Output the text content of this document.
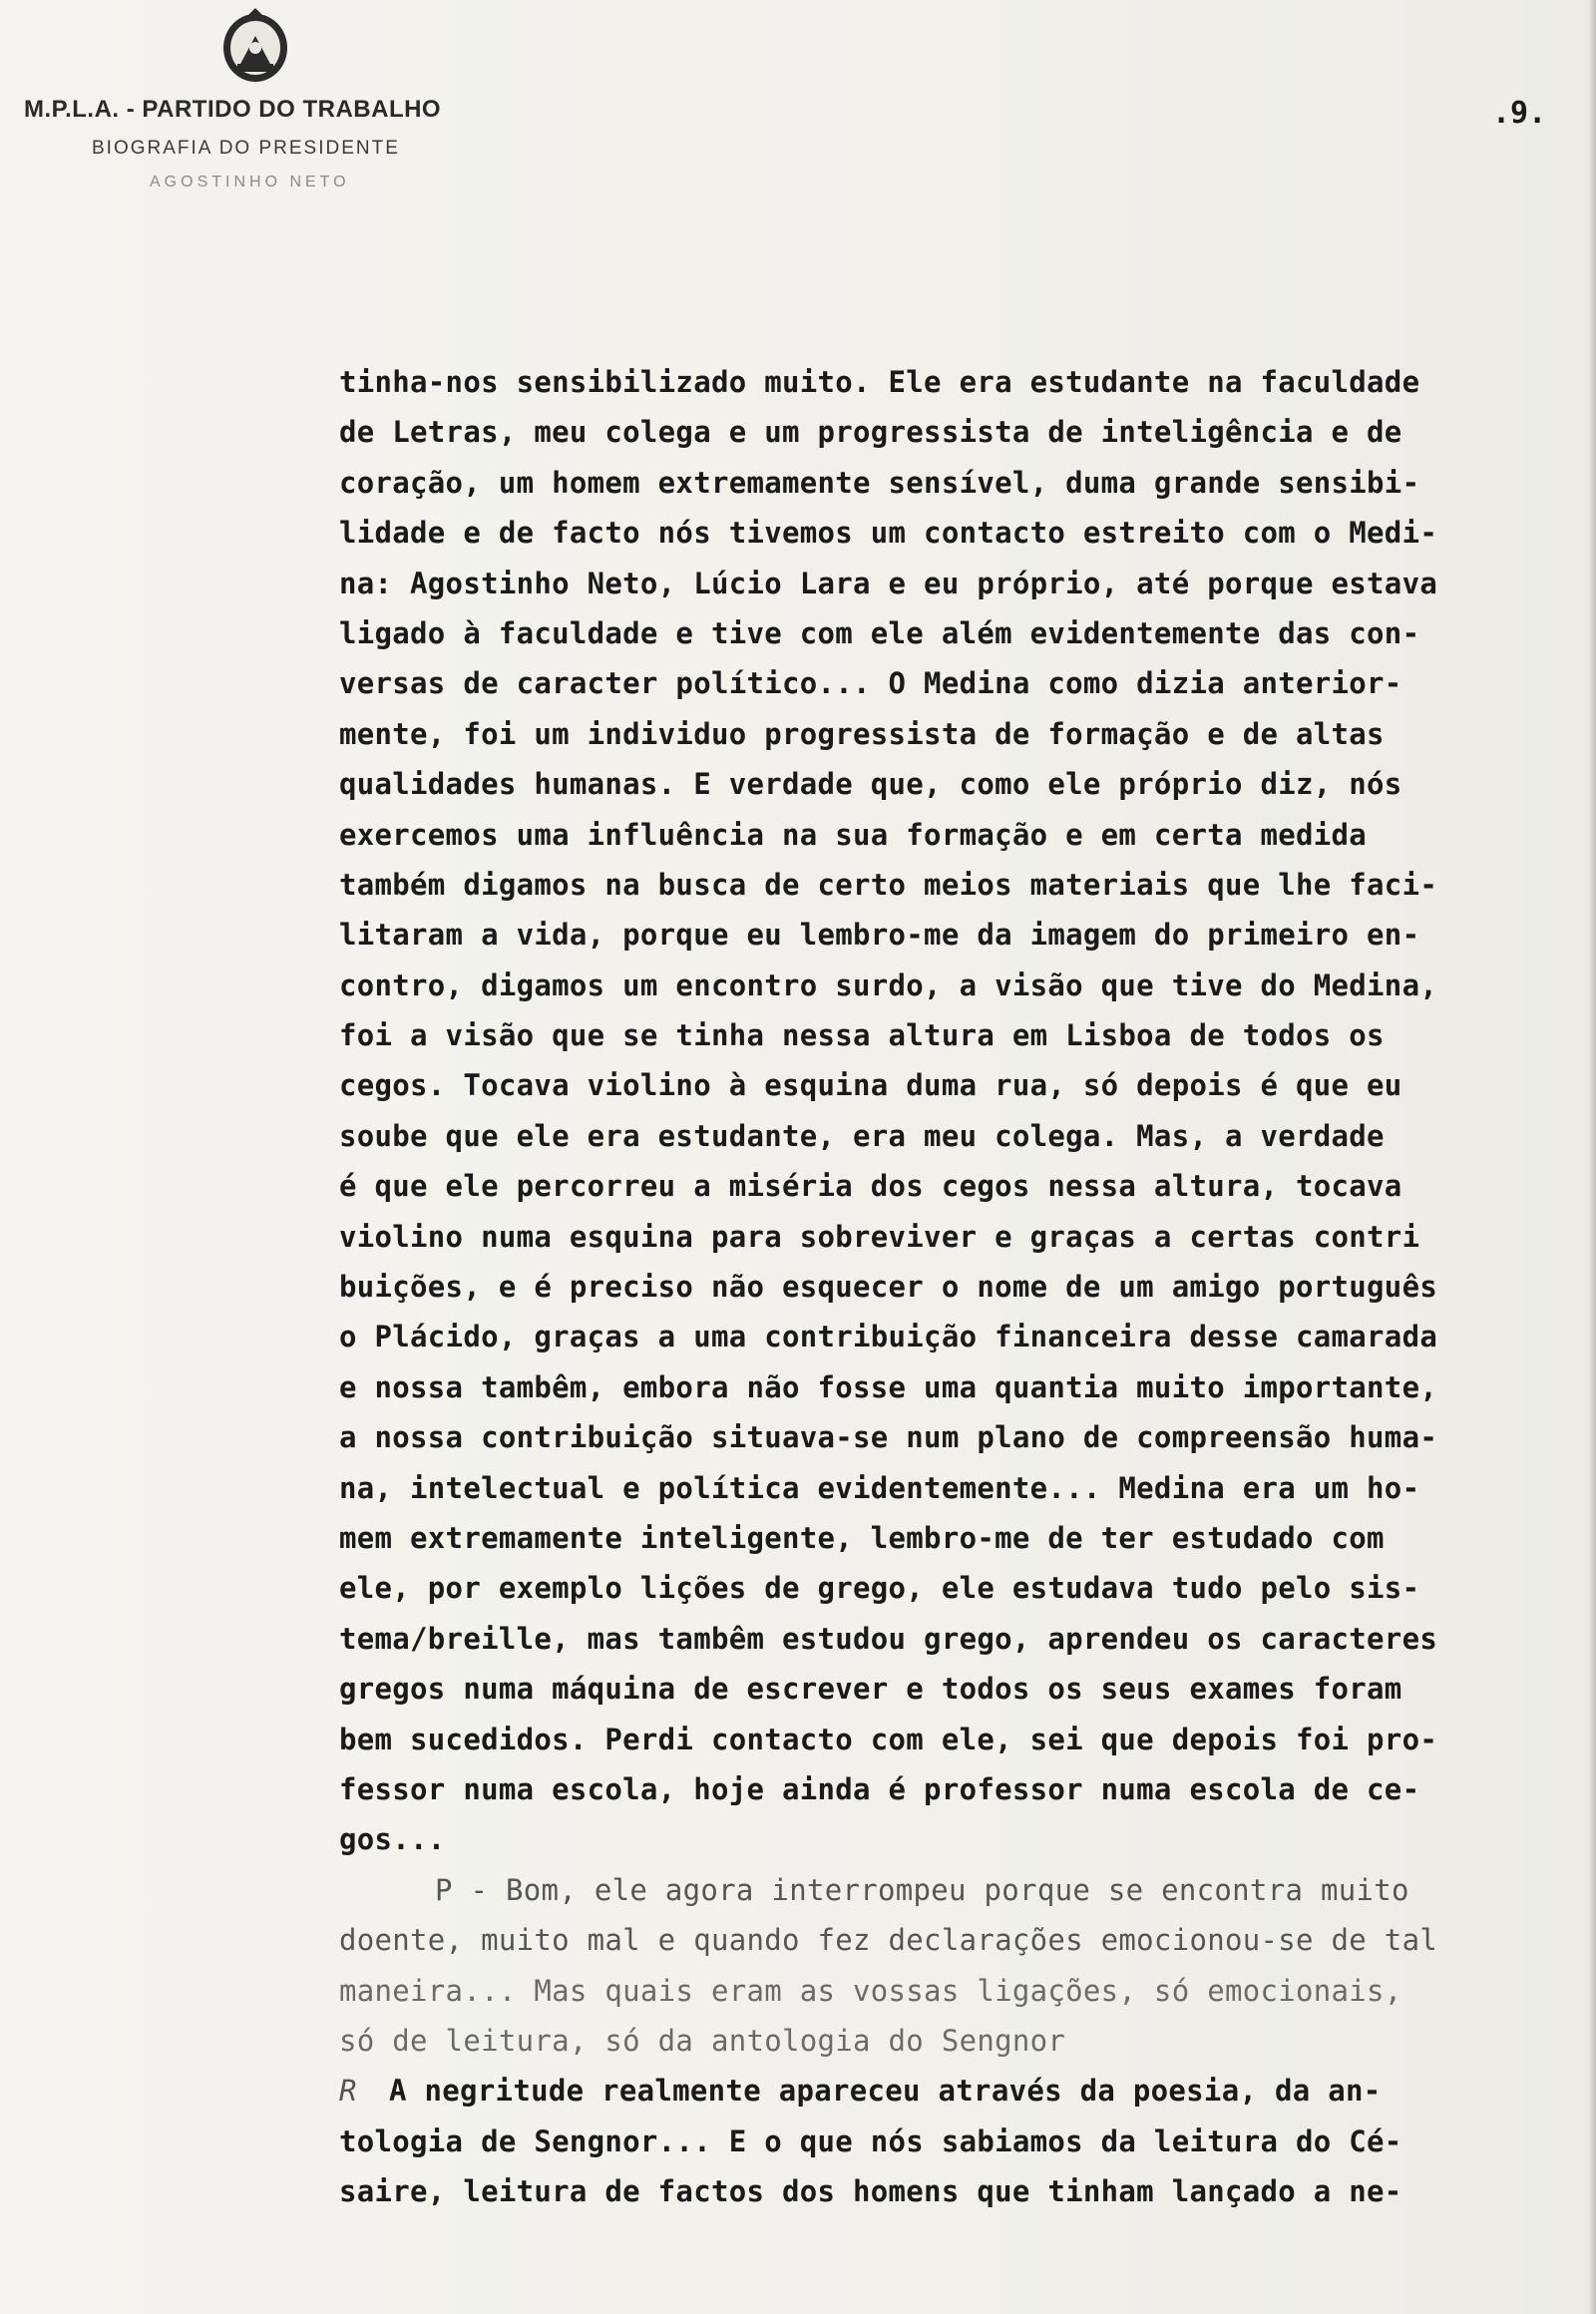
M.P.L.A. - PARTIDO DO TRABALHO

BIOGRAFIA DO PRESIDENTE

AGOSTINHO NETO

.9.

tinha-nos sensibilizado muito. Ele era estudante na faculdade
de Letras, meu colega e um progressista de inteligência e de
coração, um homem extremamente sensível, duma grande sensibi-
lidade e de facto nós tivemos um contacto estreito com o Medi-
na: Agostinho Neto, Lúcio Lara e eu próprio, até porque estava
ligado à faculdade e tive com ele além evidentemente das con-
versas de caracter político... O Medina como dizia anterior-
mente, foi um individuo progressista de formação e de altas
qualidades humanas. E verdade que, como ele próprio diz, nós
exercemos uma influência na sua formação e em certa medida
também digamos na busca de certo meios materiais que lhe faci-
litaram a vida, porque eu lembro-me da imagem do primeiro en-
contro, digamos um encontro surdo, a visão que tive do Medina,
foi a visão que se tinha nessa altura em Lisboa de todos os
cegos. Tocava violino à esquina duma rua, só depois é que eu
soube que ele era estudante, era meu colega. Mas, a verdade
é que ele percorreu a miséria dos cegos nessa altura, tocava
violino numa esquina para sobreviver e graças a certas contri
buições, e é preciso não esquecer o nome de um amigo português
o Plácido, graças a uma contribuição financeira desse camarada
e nossa tambêm, embora não fosse uma quantia muito importante,
a nossa contribuição situava-se num plano de compreensão huma-
na, intelectual e política evidentemente... Medina era um ho-
mem extremamente inteligente, lembro-me de ter estudado com
ele, por exemplo lições de grego, ele estudava tudo pelo sis-
tema/breille, mas tambêm estudou grego, aprendeu os caracteres
gregos numa máquina de escrever e todos os seus exames foram
bem sucedidos. Perdi contacto com ele, sei que depois foi pro-
fessor numa escola, hoje ainda é professor numa escola de ce-
gos...
P - Bom, ele agora interrompeu porque se encontra muito
doente, muito mal e quando fez declarações emocionou-se de tal
maneira... Mas quais eram as vossas ligações, só emocionais,
só de leitura, só da antologia do Sengnor
R A negritude realmente apareceu através da poesia, da an-
tologia de Sengnor... E o que nós sabiamos da leitura do Cé-
saire, leitura de factos dos homens que tinham lançado a ne-
